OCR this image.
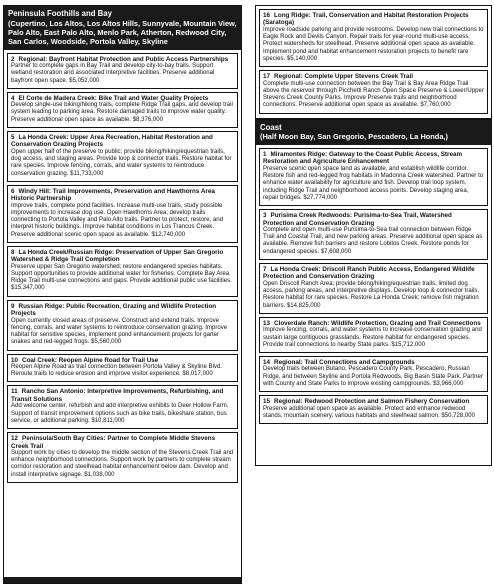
Peninsula Foothills and Bay
(Cupertino, Los Altos, Los Altos Hills, Sunnyvale, Mountain View, Palo Alto, East Palo Alto, Menlo Park, Atherton, Redwood City, San Carlos, Woodside, Portola Valley, Skyline
2 Regional: Bayfront Habitat Protection and Public Access Partnerships
Partner to complete gaps in Bay Trail and develop city-to-bay trails. Support wetland restoration and associated interpretive facilities. Preserve additional bayfront open space. $5,052,000
4 El Corte de Madera Creek: Bike Trail and Water Quality Projects
Develop single-use biking/hiking trails, complete Ridge Trail gaps, and develop trail system leading to parking area. Restore damaged trails to improve water quality. Preserve additional open space as available. $8,376,000
5 La Honda Creek: Upper Area Recreation, Habitat Restoration and Conservation Grazing Projects
Open upper half of the preserve to public; provide biking/hiking/equestrian trails, dog access, and staging areas. Provide loop & connector trails. Restore habitat for rare species. Improve fencing, corrals, and water systems to reintroduce conservation grazing. $11,733,000
6 Windy Hill: Trail Improvements, Preservation and Hawthorns Area Historic Partnership
Improve trails, complete pond facilities. Increase multi-use trails, study possible improvements to increase dog use. Open Hawthorns Area; develop trails connecting to Portola Valley and Palo Alto trails. Partner to protect, restore, and interpret historic buildings. Improve habitat conditions in Los Trancos Creek. Preserve additional scenic open space as available. $12,740,000
8 La Honda Creek/Russian Ridge: Preservation of Upper San Gregorio Watershed & Ridge Trail Completion
Preserve upper San Gregorio watershed; restore endangered species habitats. Support opportunities to provide additional water for fisheries. Complete Bay Area Ridge Trail multi-use connections and gaps. Provide additional public use facilities. $15,347,000
9 Russian Ridge: Public Recreation, Grazing and Wildlife Protection Projects
Open currently closed areas of preserve. Construct and extend trails. Improve fencing, corrals, and water systems to reintroduce conservation grazing. Improve habitat for sensitive species, implement pond enhancement projects for garter snakes and red-legged frogs. $5,560,000
10 Coal Creek: Reopen Alpine Road for Trail Use
Reopen Alpine Road as trail connection between Portola Valley & Skyline Blvd. Reroute trails to reduce erosion and improve visitor experience. $8,017,000
11 Rancho San Antonio: Interpretive Improvements, Refurbishing, and Transit Solutions
Add welcome center, refurbish and add interpretive exhibits to Deer Hollow Farm. Support of transit improvement options such as bike trails, bikeshare station, bus service, or additional parking. $10,811,000
12 Peninsula/South Bay Cities: Partner to Complete Middle Stevens Creek Trail
Support work by cities to develop the middle section of the Stevens Creek Trail and enhance neighborhood connections. Support work by partners to complete stream corridor restoration and steelhead habitat enhancement below dam. Develop and install interpretive signage. $1,038,000
16 Long Ridge: Trail, Conservation and Habitat Restoration Projects (Saratoga)
Improve roadside parking and provide restrooms. Develop new trail connections to Eagle Rock and Devils Canyon. Repair trails for year-round multi-use access. Protect watersheds for steelhead. Preserve additional open space as available. Implement pond and habitat enhancement restoration projects to benefit rare species. $5,140,000
17 Regional: Complete Upper Stevens Creek Trail
Complete multi-use connection between the Bay Trail & Bay Area Ridge Trail above the reservoir through Picchetti Ranch Open Space Preserve & Lower/Upper Stevens Creek County Parks. Improve Preserve trails and neighborhood connections. Preserve additional open space as available. $7,760,000
Coast
(Half Moon Bay, San Gregorio, Pescadero, La Honda,)
1 Miramontes Ridge: Gateway to the Coast Public Access, Stream Restoration and Agriculture Enhancement
Preserve scenic open space land as available, and establish wildlife corridor. Restore fish and red-legged frog habitats in Madonna Creek watershed. Partner to enhance water availability for agriculture and fish. Develop trail loop system, including Ridge Trail and neighborhood access points. Develop staging area, repair bridges. $27,774,000
3 Purisima Creek Redwoods: Purisima-to-Sea Trail, Watershed Protection and Conservation Grazing
Complete and open multi-use Purisima-to-Sea trail connection between Ridge Trail and Coastal Trail, and new parking areas. Preserve additional open space as available. Remove fish barriers and restore Lobitos Creek. Restore ponds for endangered species. $7,608,000
7 La Honda Creek: Driscoll Ranch Public Access, Endangered Wildlife Protection and Conservation Grazing
Open Driscoll Ranch Area; provide biking/hiking/equestrian trails, limited dog access, parking areas, and interpretive displays. Develop loop & connector trails. Restore habitat for rare species. Restore La Honda Creek; remove fish migration barriers. $14,825,000
13 Cloverdale Ranch: Wildlife Protection, Grazing and Trail Connections
Improve fencing, corrals, and water systems to increase conservation grazing and sustain large contiguous grasslands. Restore habitat for endangered species. Provide trail connections to nearby State parks. $15,712,000
14 Regional: Trail Connections and Campgrounds
Develop trails between Butano, Pescadero County Park, Pescadero, Russian Ridge, and between Skyline and Portola Redwoods, Big Basin State Park. Partner with County and State Parks to improve existing campgrounds. $3,966,000
15 Regional: Redwood Protection and Salmon Fishery Conservation
Preserve additional open space as available. Protect and enhance redwood stands, mountain scenery, various habitats and steelhead salmon. $50,728,000
